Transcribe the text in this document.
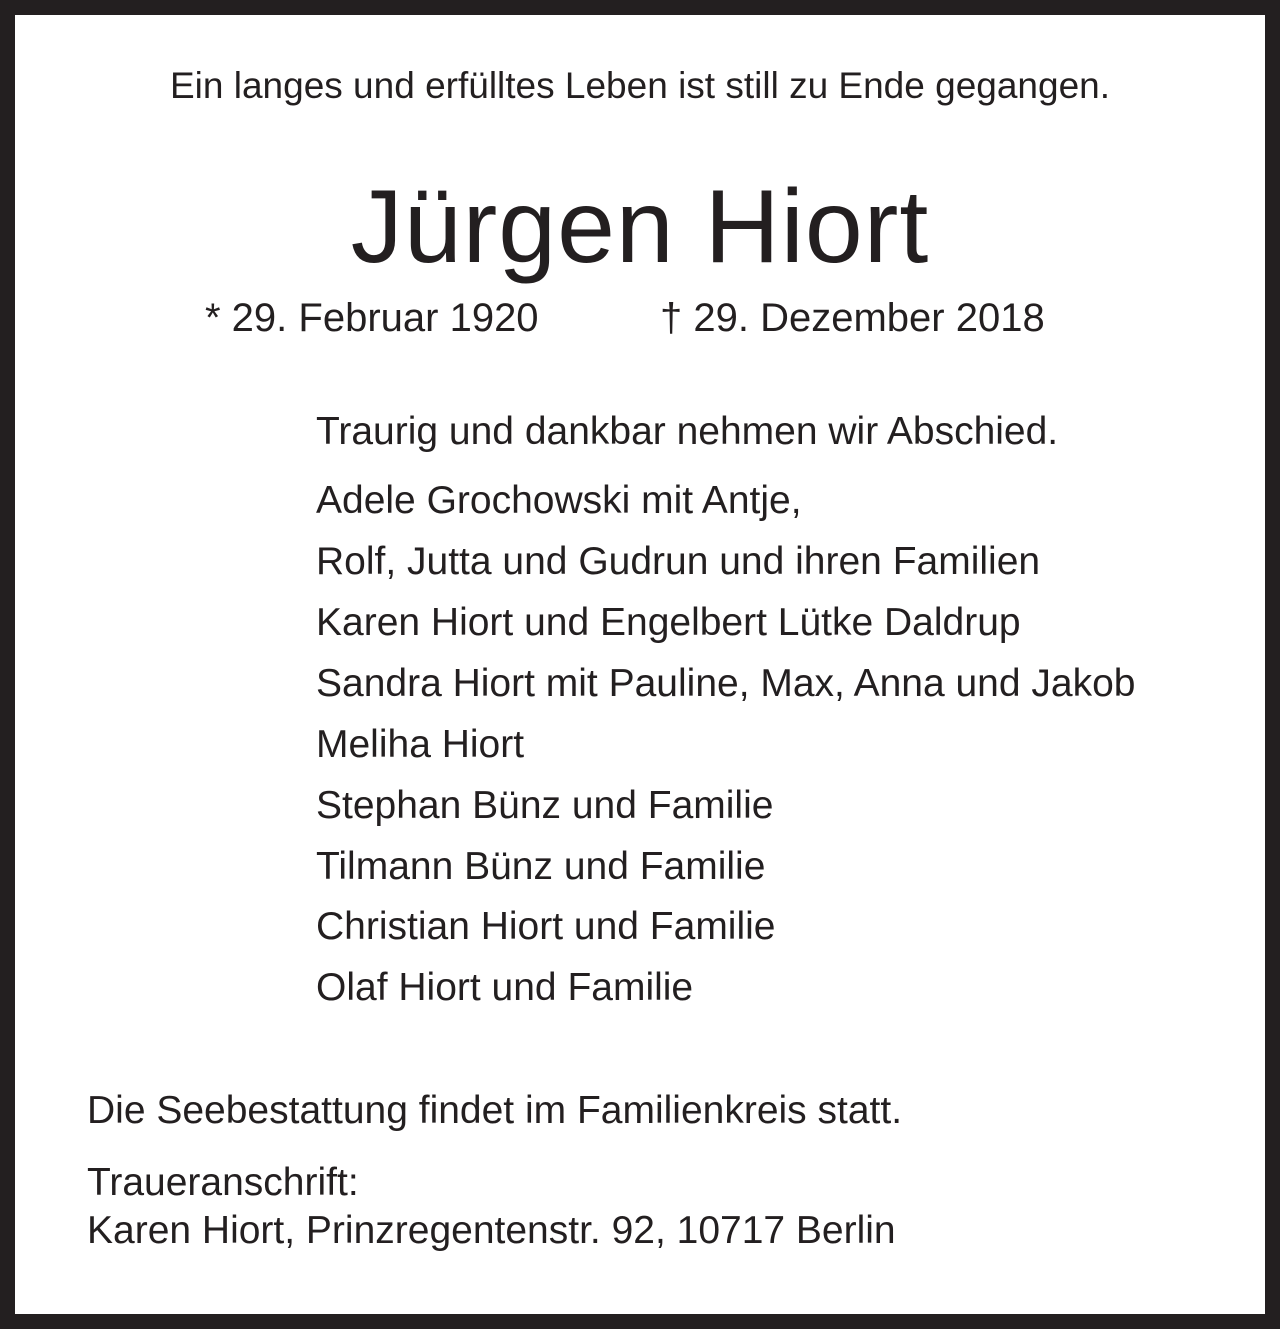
Ein langes und erfülltes Leben ist still zu Ende gegangen.

Jürgen Hiort

* 29. Februar 1920	† 29. Dezember 2018

Traurig und dankbar nehmen wir Abschied.

Adele Grochowski mit Antje,

Rolf, Jutta und Gudrun und ihren Familien

Karen Hiort und Engelbert Lütke Daldrup

Sandra Hiort mit Pauline, Max, Anna und Jakob

Meliha Hiort

Stephan Bünz und Familie

Tilmann Bünz und Familie

Christian Hiort und Familie

Olaf Hiort und Familie

Die Seebestattung findet im Familienkreis statt.

Traueranschrift:

Karen Hiort, Prinzregentenstr. 92, 10717 Berlin
